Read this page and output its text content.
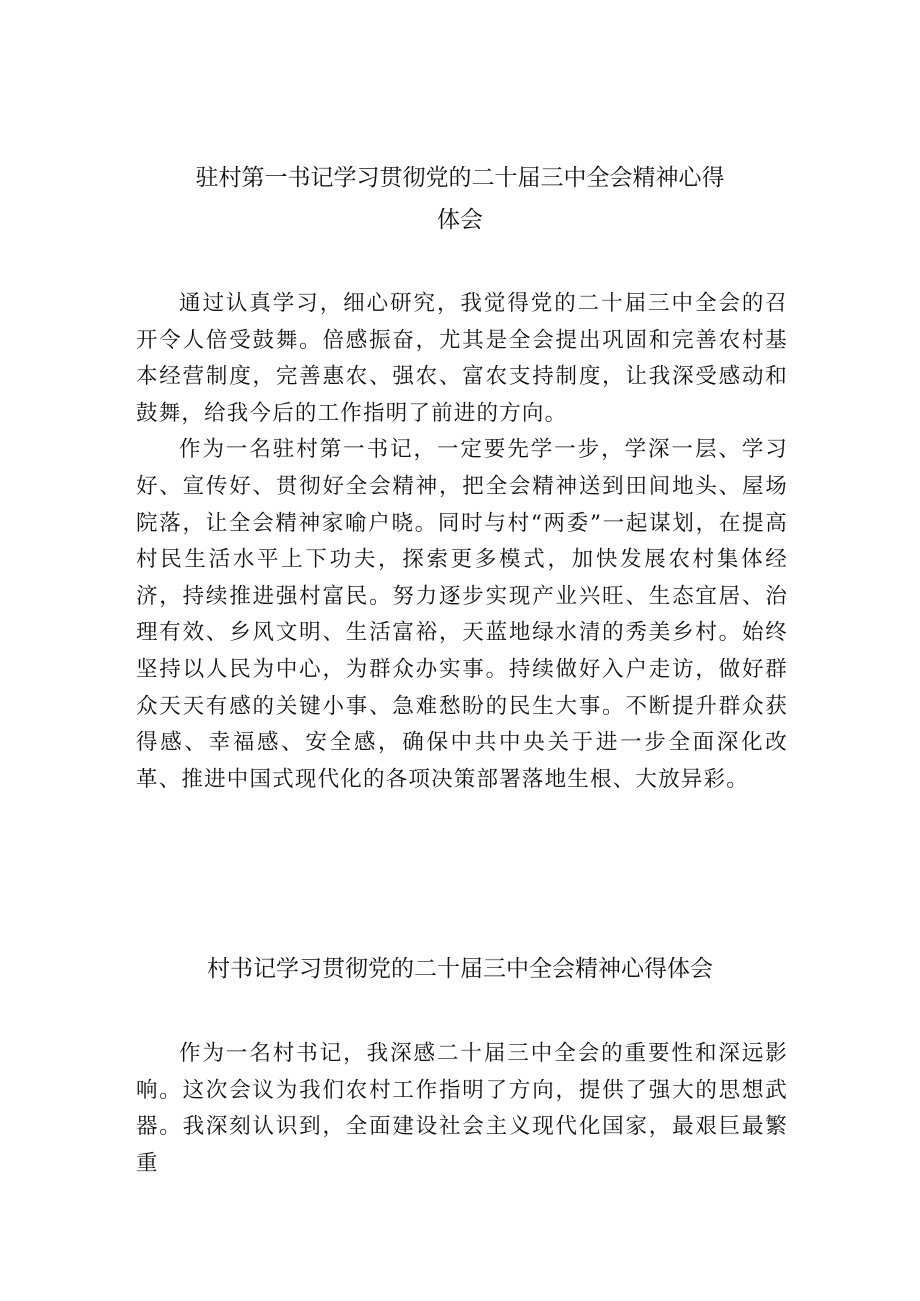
驻村第一书记学习贯彻党的二十届三中全会精神心得
体会

通过认真学习，细心研究，我觉得党的二十届三中全会的召开令人倍受鼓舞。倍感振奋，尤其是全会提出巩固和完善农村基本经营制度，完善惠农、强农、富农支持制度，让我深受感动和鼓舞，给我今后的工作指明了前进的方向。

作为一名驻村第一书记，一定要先学一步，学深一层、学习好、宣传好、贯彻好全会精神，把全会精神送到田间地头、屋场院落，让全会精神家喻户晓。同时与村“两委”一起谋划，在提高村民生活水平上下功夫，探索更多模式，加快发展农村集体经济，持续推进强村富民。努力逐步实现产业兴旺、生态宜居、治理有效、乡风文明、生活富裕，天蓝地绿水清的秀美乡村。始终坚持以人民为中心，为群众办实事。持续做好入户走访，做好群众天天有感的关键小事、急难愁盼的民生大事。不断提升群众获得感、幸福感、安全感，确保中共中央关于进一步全面深化改革、推进中国式现代化的各项决策部署落地生根、大放异彩。

村书记学习贯彻党的二十届三中全会精神心得体会

作为一名村书记，我深感二十届三中全会的重要性和深远影响。这次会议为我们农村工作指明了方向，提供了强大的思想武器。我深刻认识到，全面建设社会主义现代化国家，最艰巨最繁重
